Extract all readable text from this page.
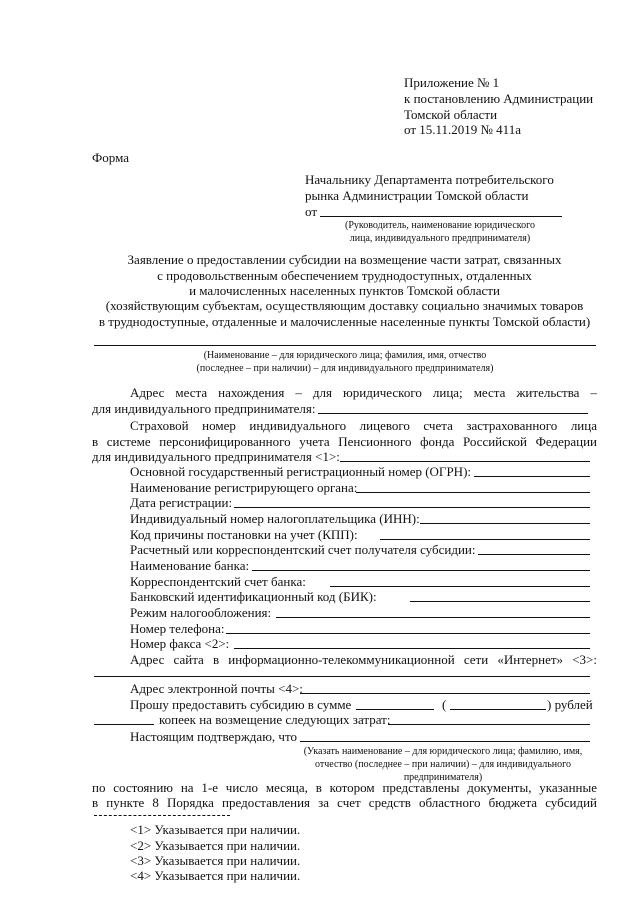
Приложение № 1
к постановлению Администрации
Томской области
от 15.11.2019 № 411а
Форма
Начальнику Департамента потребительского
рынка Администрации Томской области
от
(Руководитель, наименование юридического
лица, индивидуального предпринимателя)
Заявление о предоставлении субсидии на возмещение части затрат, связанных
с продовольственным обеспечением труднодоступных, отдаленных
и малочисленных населенных пунктов Томской области
(хозяйствующим субъектам, осуществляющим доставку социально значимых товаров
в труднодоступные, отдаленные и малочисленные населенные пункты Томской области)
(Наименование – для юридического лица; фамилия, имя, отчество
(последнее – при наличии) – для индивидуального предпринимателя)
Адрес места нахождения – для юридического лица; места жительства –
для индивидуального предпринимателя:
Страховой номер индивидуального лицевого счета застрахованного лица
в системе персонифицированного учета Пенсионного фонда Российской Федерации
для индивидуального предпринимателя <1>:
Основной государственный регистрационный номер (ОГРН):
Наименование регистрирующего органа:
Дата регистрации:
Индивидуальный номер налогоплательщика (ИНН):
Код причины постановки на учет (КПП):
Расчетный или корреспондентский счет получателя субсидии:
Наименование банка:
Корреспондентский счет банка:
Банковский идентификационный код (БИК):
Режим налогообложения:
Номер телефона:
Номер факса <2>:
Адрес сайта в информационно-телекоммуникационной сети «Интернет» <3>:
Адрес электронной почты <4>:
Прошу предоставить субсидию в сумме	(	) рублей
копеек на возмещение следующих затрат:
Настоящим подтверждаю, что
(Указать наименование – для юридического лица; фамилию, имя,
отчество (последнее – при наличии) – для индивидуального
предпринимателя)
по состоянию на 1-е число месяца, в котором представлены документы, указанные
в пункте 8 Порядка предоставления за счет средств областного бюджета субсидий
<1> Указывается при наличии.
<2> Указывается при наличии.
<3> Указывается при наличии.
<4> Указывается при наличии.
